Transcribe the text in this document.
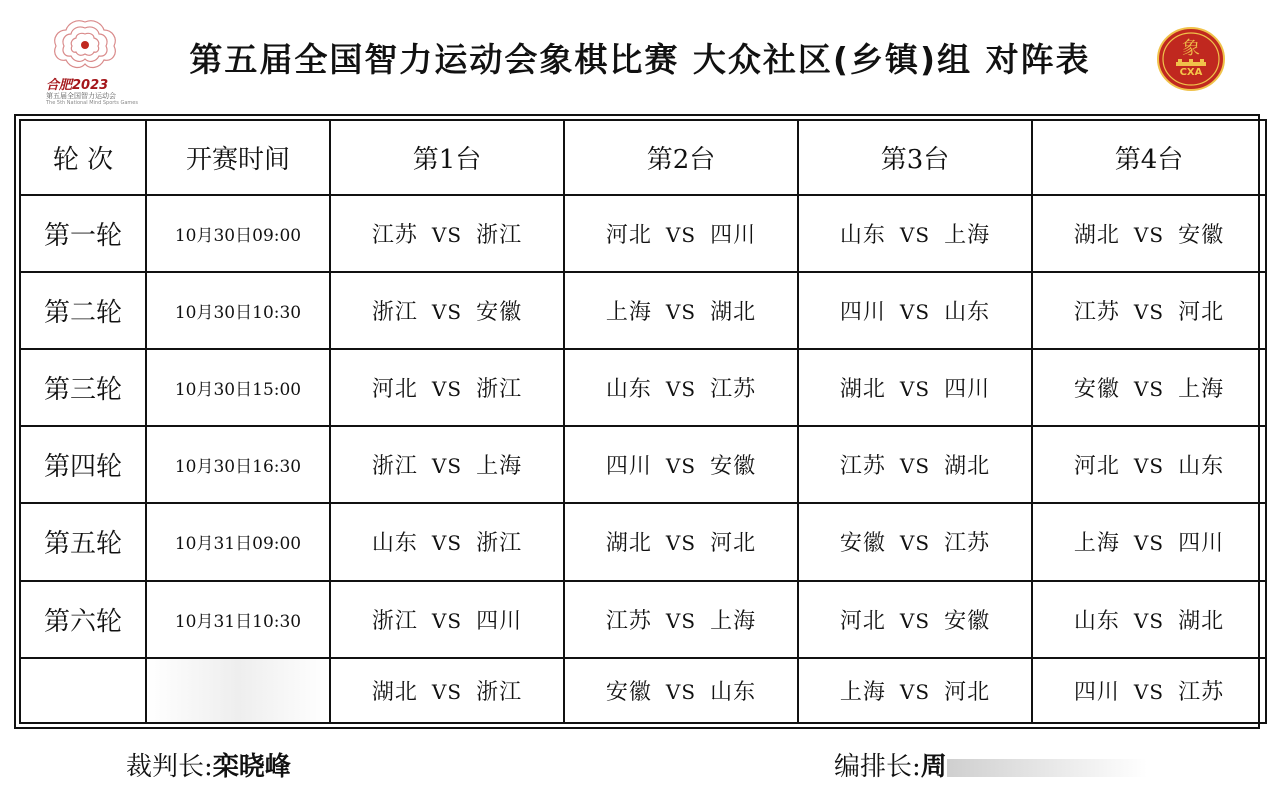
合肥2023
第五届全国智力运动会
The 5th National Mind Sports Games
第五届全国智力运动会象棋比赛 大众社区(乡镇)组 对阵表	象
CXA
轮 次	开赛时间	第1台	第2台	第3台	第4台
第一轮	10月30日09:00	江苏 VS 浙江	河北 VS 四川	山东 VS 上海	湖北 VS 安徽
第二轮	10月30日10:30	浙江 VS 安徽	上海 VS 湖北	四川 VS 山东	江苏 VS 河北
第三轮	10月30日15:00	河北 VS 浙江	山东 VS 江苏	湖北 VS 四川	安徽 VS 上海
第四轮	10月30日16:30	浙江 VS 上海	四川 VS 安徽	江苏 VS 湖北	河北 VS 山东
第五轮	10月31日09:00	山东 VS 浙江	湖北 VS 河北	安徽 VS 江苏	上海 VS 四川
第六轮	10月31日10:30	浙江 VS 四川	江苏 VS 上海	河北 VS 安徽	山东 VS 湖北
		湖北 VS 浙江	安徽 VS 山东	上海 VS 河北	四川 VS 江苏
裁判长:栾晓峰	编排长:周
